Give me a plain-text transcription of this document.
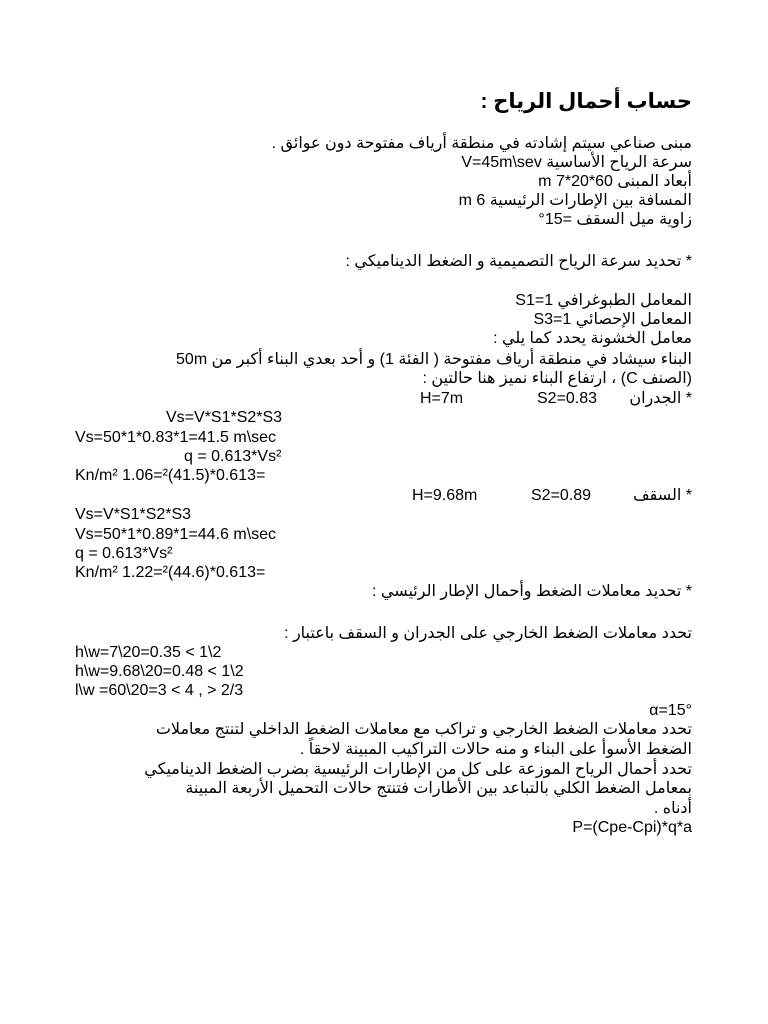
حساب أحمال الرياح :
مبنى صناعي سيتم إشادته في منطقة أرياف مفتوحة دون عوائق .
سرعة الرياح الأساسية V=45m\sev
أبعاد المبنى 60*20*7 m
المسافة بين الإطارات الرئيسية 6 m
زاوية ميل السقف =15°
* تحديد سرعة الرياح التصميمية و الضغط الديناميكي :
المعامل الطبوغرافي S1=1
المعامل الإحصائي S3=1
معامل الخشونة يحدد كما يلي :
البناء سيشاد في منطقة أرياف مفتوحة ( الفئة 1) و أحد بعدي البناء أكبر من 50m
(الصنف C) ، ارتفاع البناء نميز هنا حالتين :
* الجدران
S2=0.83
H=7m
Vs=V*S1*S2*S3
Vs=50*1*0.83*1=41.5 m\sec
q = 0.613*Vs²
Kn/m² 1.06=²(41.5)*0.613=
* السقف
S2=0.89
H=9.68m
Vs=V*S1*S2*S3
Vs=50*1*0.89*1=44.6 m\sec
q = 0.613*Vs²
Kn/m² 1.22=²(44.6)*0.613=
* تحديد معاملات الضغط وأحمال الإطار الرئيسي :
تحدد معاملات الضغط الخارجي على الجدران و السقف باعتبار :
h\w=7\20=0.35 < 1\2
h\w=9.68\20=0.48 < 1\2
l\w =60\20=3 < 4 , > 2/3
α=15°
تحدد معاملات الضغط الخارجي و تراكب مع معاملات الضغط الداخلي لتنتج معاملات
الضغط الأسوأ على البناء و منه حالات التراكيب المبينة لاحقاً .
تحدد أحمال الرياح الموزعة على كل من الإطارات الرئيسية بضرب الضغط الديناميكي
بمعامل الضغط الكلي بالتباعد بين الأطارات فتنتج حالات التحميل الأربعة المبينة
أدناه .
P=(Cpe-Cpi)*q*a
